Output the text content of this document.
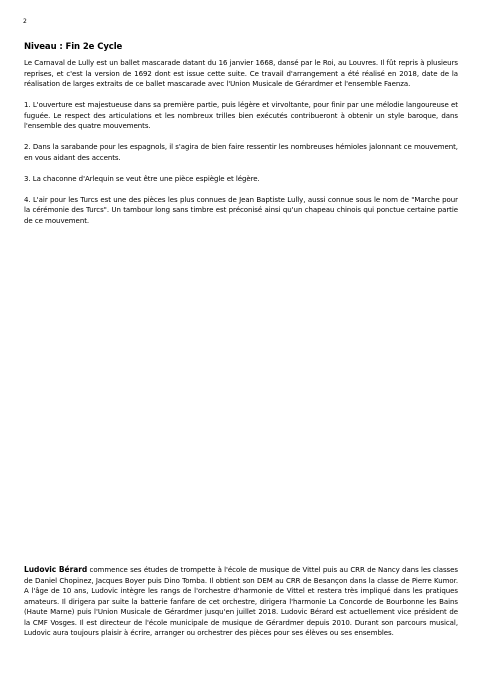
2
Niveau : Fin 2e Cycle

Le Carnaval de Lully est un ballet mascarade datant du 16 janvier 1668, dansé par le Roi, au Louvres. Il fût repris à plusieurs reprises, et c'est la version de 1692 dont est issue cette suite. Ce travail d'arrangement a été réalisé en 2018, date de la réalisation de larges extraits de ce ballet mascarade avec l'Union Musicale de Gérardmer et l'ensemble Faenza.

1. L'ouverture est majestueuse dans sa première partie, puis légère et virvoltante, pour finir par une mélodie langoureuse et fuguée. Le respect des articulations et les nombreux trilles bien exécutés contribueront à obtenir un style baroque, dans l'ensemble des quatre mouvements.

2. Dans la sarabande pour les espagnols, il s'agira de bien faire ressentir les nombreuses hémioles jalonnant ce mouvement, en vous aidant des accents.

3. La chaconne d'Arlequin se veut être une pièce espiègle et légère.

4. L'air pour les Turcs est une des pièces les plus connues de Jean Baptiste Lully, aussi connue sous le nom de "Marche pour la cérémonie des Turcs". Un tambour long sans timbre est préconisé ainsi qu'un chapeau chinois qui ponctue certaine partie de ce mouvement.

Ludovic Bérard commence ses études de trompette à l'école de musique de Vittel puis au CRR de Nancy dans les classes de Daniel Chopinez, Jacques Boyer puis Dino Tomba. Il obtient son DEM au CRR de Besançon dans la classe de Pierre Kumor. A l'âge de 10 ans, Ludovic intègre les rangs de l'orchestre d'harmonie de Vittel et restera très impliqué dans les pratiques amateurs. Il dirigera par suite la batterie fanfare de cet orchestre, dirigera l'harmonie La Concorde de Bourbonne les Bains (Haute Marne) puis l'Union Musicale de Gérardmer jusqu'en juillet 2018. Ludovic Bérard est actuellement vice président de la CMF Vosges. Il est directeur de l'école municipale de musique de Gérardmer depuis 2010. Durant son parcours musical, Ludovic aura toujours plaisir à écrire, arranger ou orchestrer des pièces pour ses élèves ou ses ensembles.
